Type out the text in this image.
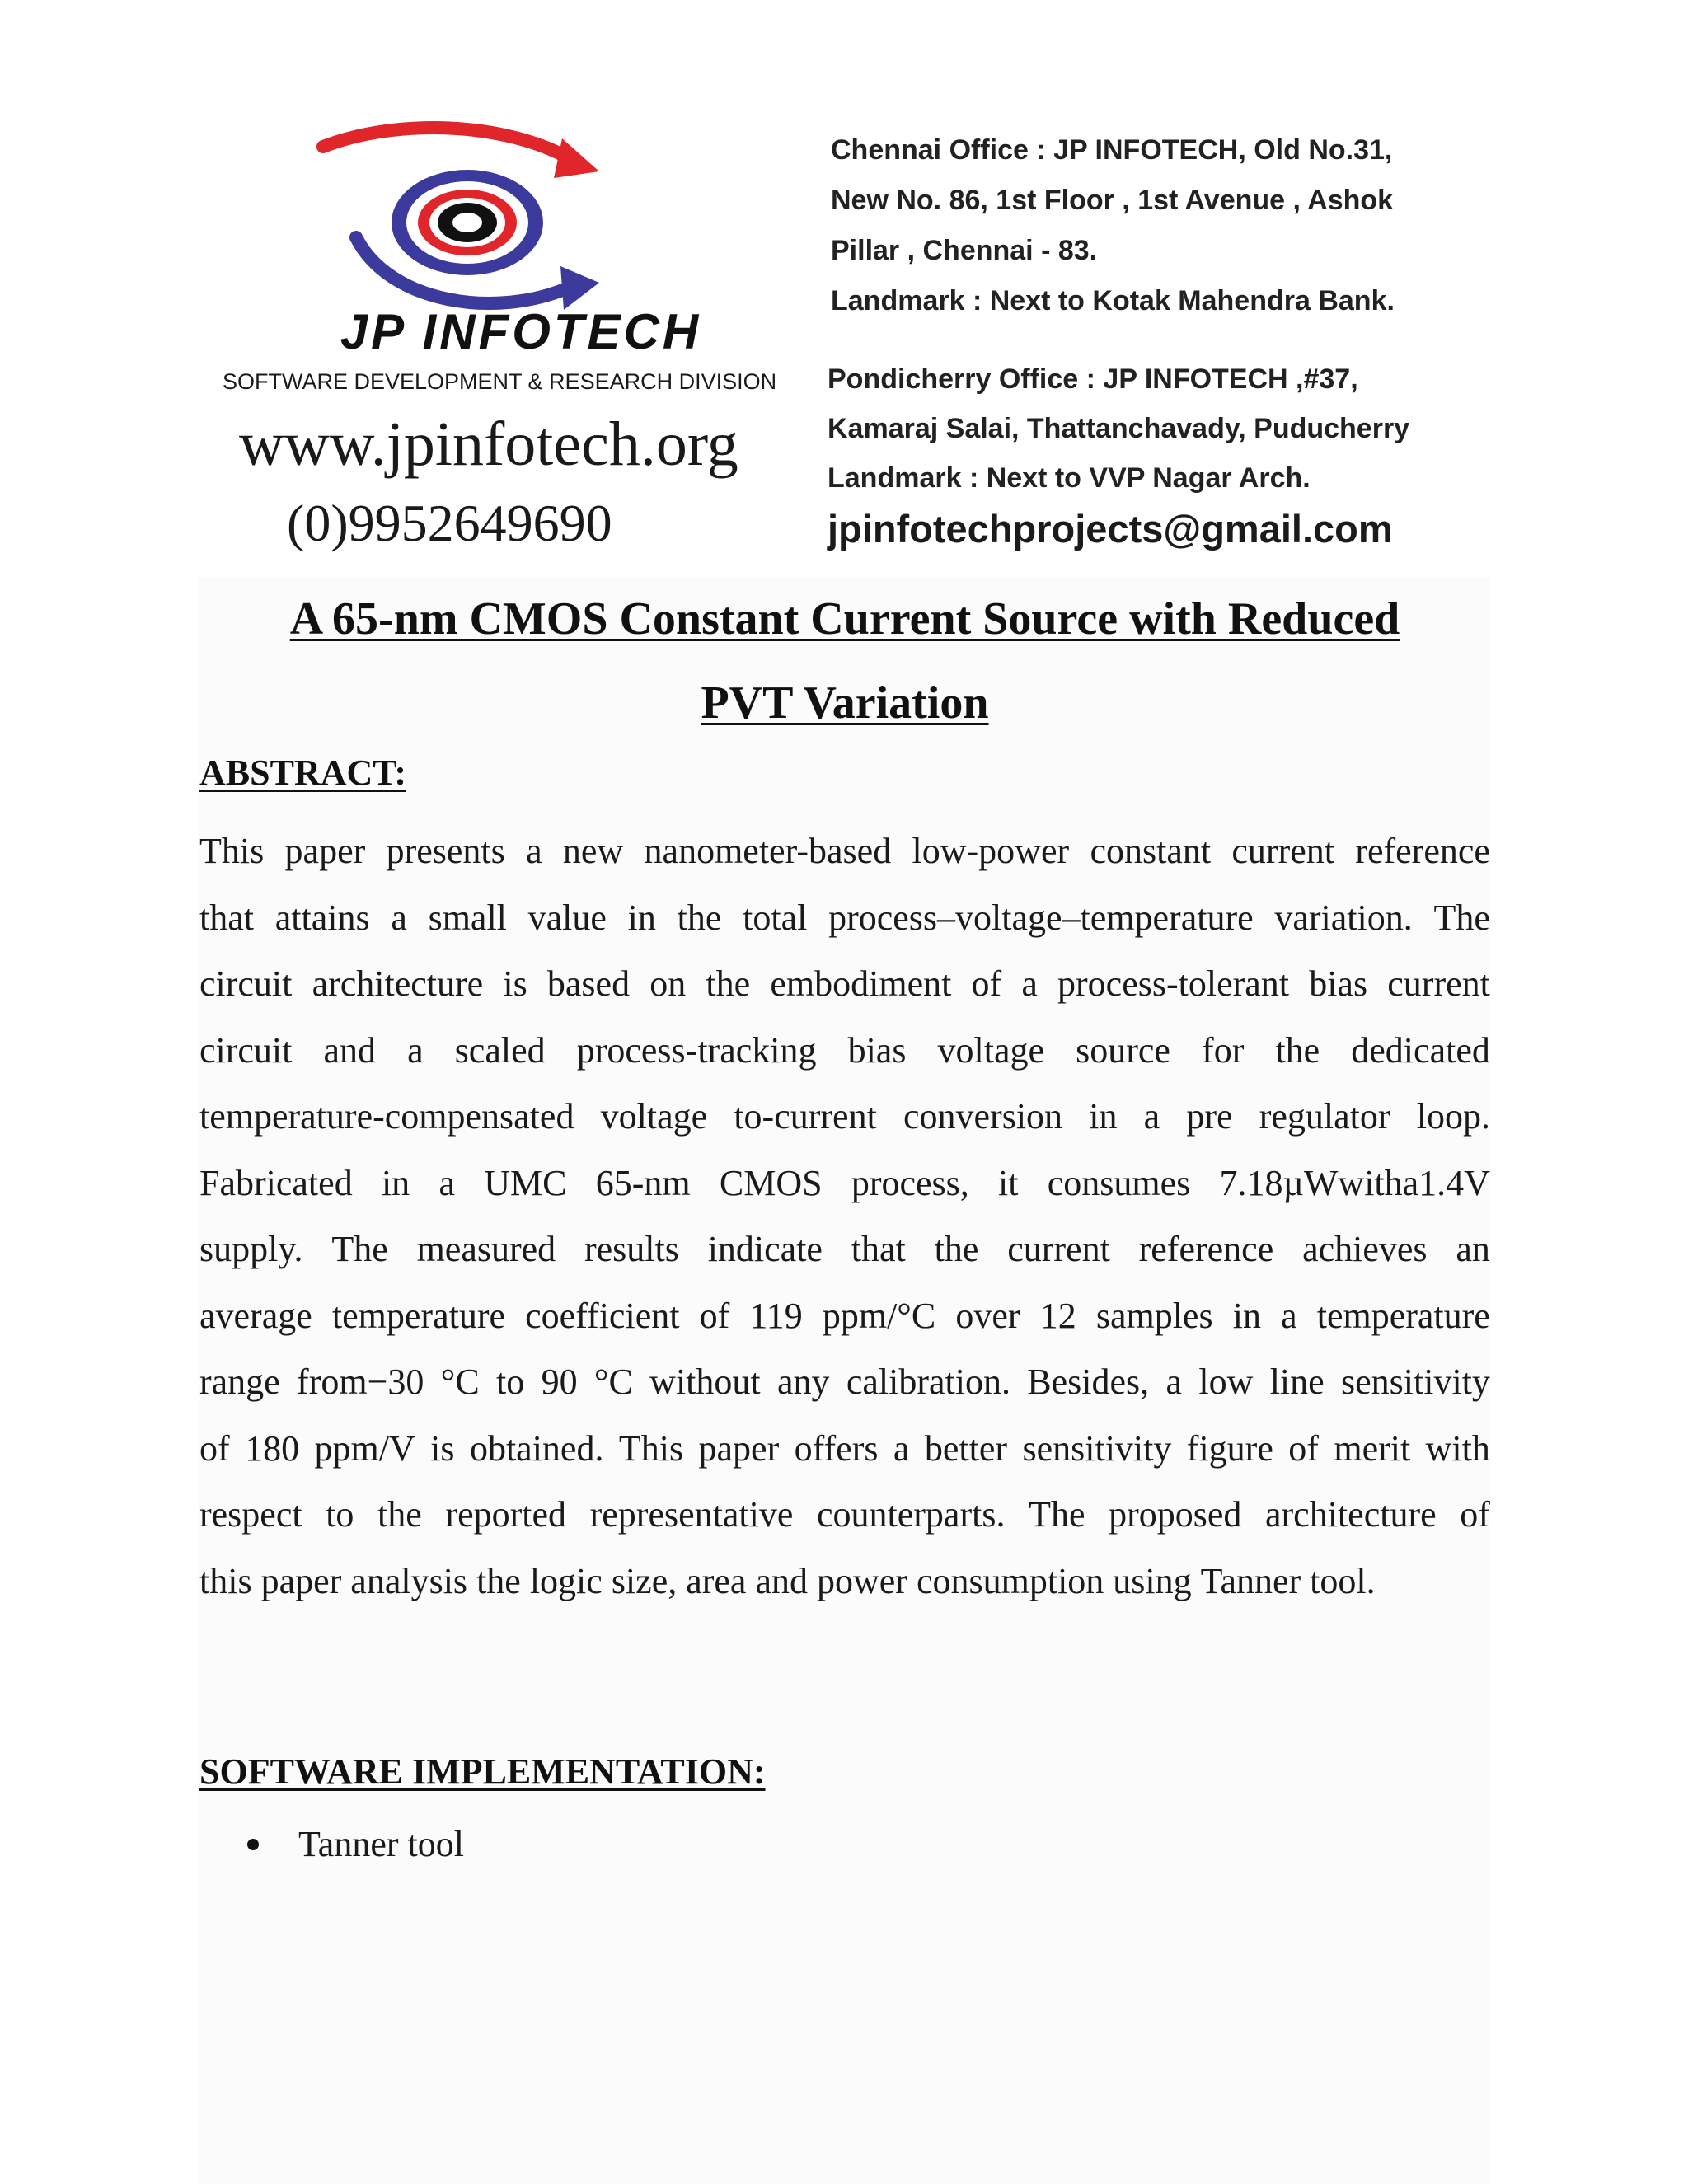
JP INFOTECH
SOFTWARE DEVELOPMENT & RESEARCH DIVISION
www.jpinfotech.org
(0)9952649690
Chennai Office : JP INFOTECH, Old No.31,
New No. 86, 1st Floor , 1st Avenue , Ashok
Pillar , Chennai - 83.
Landmark : Next to Kotak Mahendra Bank.
Pondicherry Office : JP INFOTECH ,#37,
Kamaraj Salai, Thattanchavady, Puducherry
Landmark : Next to VVP Nagar Arch.
jpinfotechprojects@gmail.com
A 65-nm CMOS Constant Current Source with Reduced
PVT Variation
ABSTRACT:
This paper presents a new nanometer-based low-power constant current reference
that attains a small value in the total process–voltage–temperature variation. The
circuit architecture is based on the embodiment of a process-tolerant bias current
circuit and a scaled process-tracking bias voltage source for the dedicated
temperature-compensated voltage to-current conversion in a pre regulator loop.
Fabricated in a UMC 65-nm CMOS process, it consumes 7.18µWwitha1.4V
supply. The measured results indicate that the current reference achieves an
average temperature coefficient of 119 ppm/°C over 12 samples in a temperature
range from−30 °C to 90 °C without any calibration. Besides, a low line sensitivity
of 180 ppm/V is obtained. This paper offers a better sensitivity figure of merit with
respect to the reported representative counterparts. The proposed architecture of
this paper analysis the logic size, area and power consumption using Tanner tool.
SOFTWARE IMPLEMENTATION:
Tanner tool
